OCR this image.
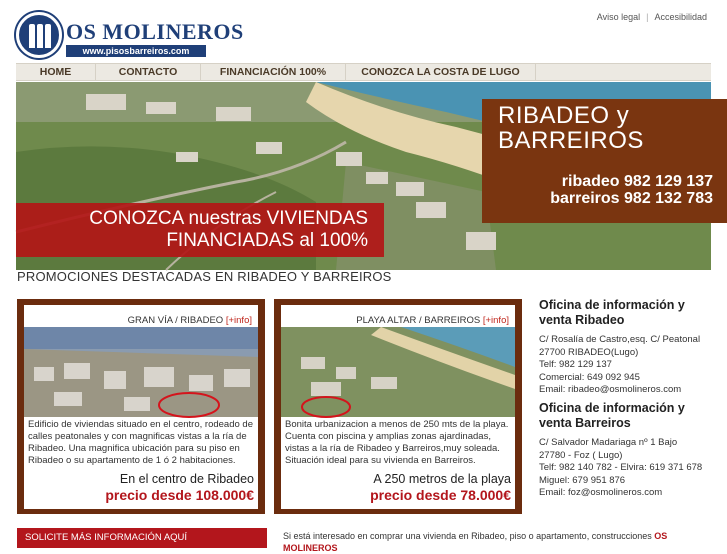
OS MOLINEROS
www.pisosbarreiros.com
Aviso legal | Accesibilidad
HOME	CONTACTO	FINANCIACIÓN 100%	CONOZCA LA COSTA DE LUGO
RIBADEO y
BARREIROS
ribadeo 982 129 137
barreiros 982 132 783
CONOZCA nuestras VIVIENDAS
FINANCIADAS al 100%
PROMOCIONES DESTACADAS EN RIBADEO Y BARREIROS
GRAN VÍA / RIBADEO [+info]
Edificio de viviendas situado en el centro, rodeado de calles peatonales y con magnificas vistas a la ría de Ribadeo. Una magnifica ubicación para su piso en Ribadeo o su apartamento de 1 ó 2 habitaciones.
En el centro de Ribadeo
precio desde 108.000€
PLAYA ALTAR / BARREIROS [+info]
Bonita urbanizacion a menos de 250 mts de la playa. Cuenta con piscina y amplias zonas ajardinadas, vistas a la ría de Ribadeo y Barreiros,muy soleada. Situación ideal para su vivienda en Barreiros.
A 250 metros de la playa
precio desde 78.000€
Oficina de información y venta Ribadeo

C/ Rosalía de Castro,esq. C/ Peatonal
27700 RIBADEO(Lugo)
Telf: 982 129 137
Comercial: 649 092 945
Email: ribadeo@osmolineros.com

Oficina de información y venta Barreiros

C/ Salvador Madariaga nº 1 Bajo
27780 - Foz ( Lugo)
Telf: 982 140 782 - Elvira: 619 371 678
Miguel: 679 951 876
Email: foz@osmolineros.com

SOLICITE MÁS INFORMACIÓN AQUÍ	Si está interesado en comprar una vivienda en Ribadeo, piso o apartamento, construcciones OS MOLINEROS
